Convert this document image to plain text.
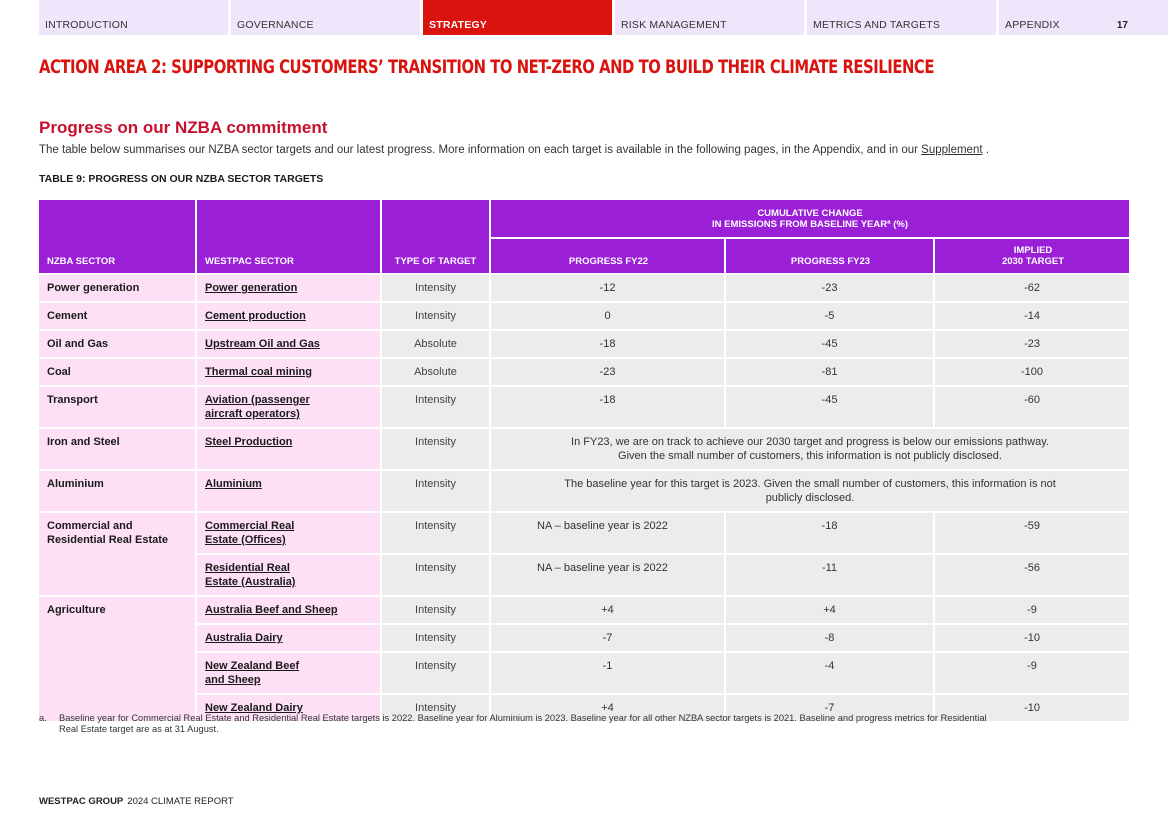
INTRODUCTION	GOVERNANCE	STRATEGY	RISK MANAGEMENT	METRICS AND TARGETS	APPENDIX	17
ACTION AREA 2: SUPPORTING CUSTOMERS’ TRANSITION TO NET-ZERO AND TO BUILD THEIR CLIMATE RESILIENCE
Progress on our NZBA commitment
The table below summarises our NZBA sector targets and our latest progress. More information on each target is available in the following pages, in the Appendix, and in our Supplement .
TABLE 9: PROGRESS ON OUR NZBA SECTOR TARGETS
NZBA SECTOR	WESTPAC SECTOR	TYPE OF TARGET	CUMULATIVE CHANGE
IN EMISSIONS FROM BASELINE YEARª (%)		

			PROGRESS FY22	PROGRESS FY23	IMPLIED
2030 TARGET

Power generation	Power generation	Intensity	-12	-23	-62
Cement	Cement production	Intensity	0	-5	-14
Oil and Gas	Upstream Oil and Gas	Absolute	-18	-45	-23
Coal	Thermal coal mining	Absolute	-23	-81	-100
Transport	Aviation (passenger
aircraft operators)	Intensity	-18	-45	-60
Iron and Steel	Steel Production	Intensity	In FY23, we are on track to achieve our 2030 target and progress is below our emissions pathway.
Given the small number of customers, this information is not publicly disclosed.		

Aluminium	Aluminium	Intensity	The baseline year for this target is 2023. Given the small number of customers, this information is not
publicly disclosed.		

Commercial and
Residential Real Estate	Commercial Real
Estate (Offices)	Intensity	NA – baseline year is 2022	-18	-59
	Residential Real
Estate (Australia)	Intensity	NA – baseline year is 2022	-11	-56
Agriculture	Australia Beef and Sheep	Intensity	+4	+4	-9
	Australia Dairy	Intensity	-7	-8	-10
	New Zealand Beef
and Sheep	Intensity	-1	-4	-9
	New Zealand Dairy	Intensity	+4	-7	-10
a.	Baseline year for Commercial Real Estate and Residential Real Estate targets is 2022. Baseline year for Aluminium is 2023. Baseline year for all other NZBA sector targets is 2021. Baseline and progress metrics for Residential
Real Estate target are as at 31 August.
WESTPAC GROUP 2024 CLIMATE REPORT
